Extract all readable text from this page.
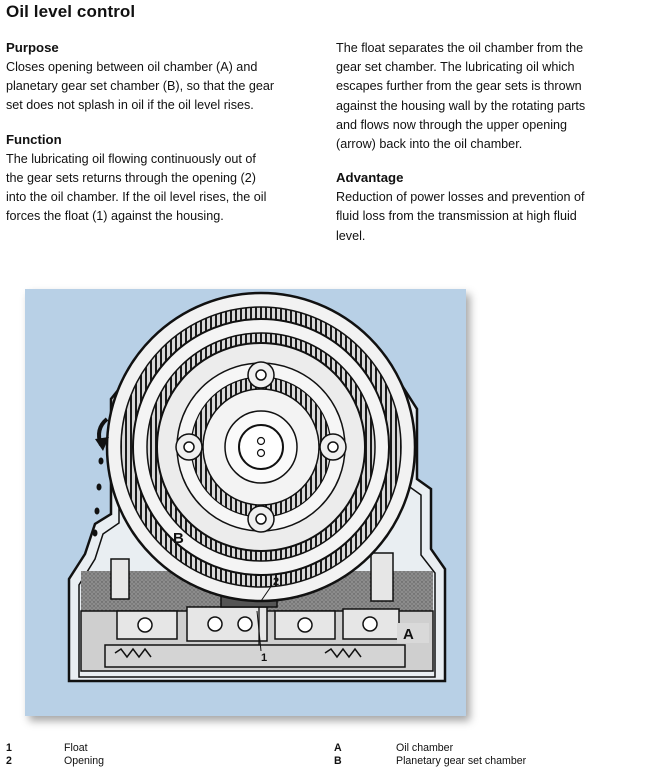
Oil level control
Purpose

Closes opening between oil chamber (A) and

planetary gear set chamber (B), so that the gear

set does not splash in oil if the oil level rises.

Function

The lubricating oil flowing continuously out of

the gear sets returns through the opening (2)

into the oil chamber. If the oil level rises, the oil

forces the float (1) against the housing.

The float separates the oil chamber from the

gear set chamber. The lubricating oil which

escapes further from the gear sets is thrown

against the housing wall by the rotating parts

and flows now through the upper opening

(arrow) back into the oil chamber.

Advantage

Reduction of power losses and prevention of

fluid loss from the transmission at high fluid

level.

B
A
2
1
1	Float
2	Opening
A	Oil chamber
B	Planetary gear set chamber
